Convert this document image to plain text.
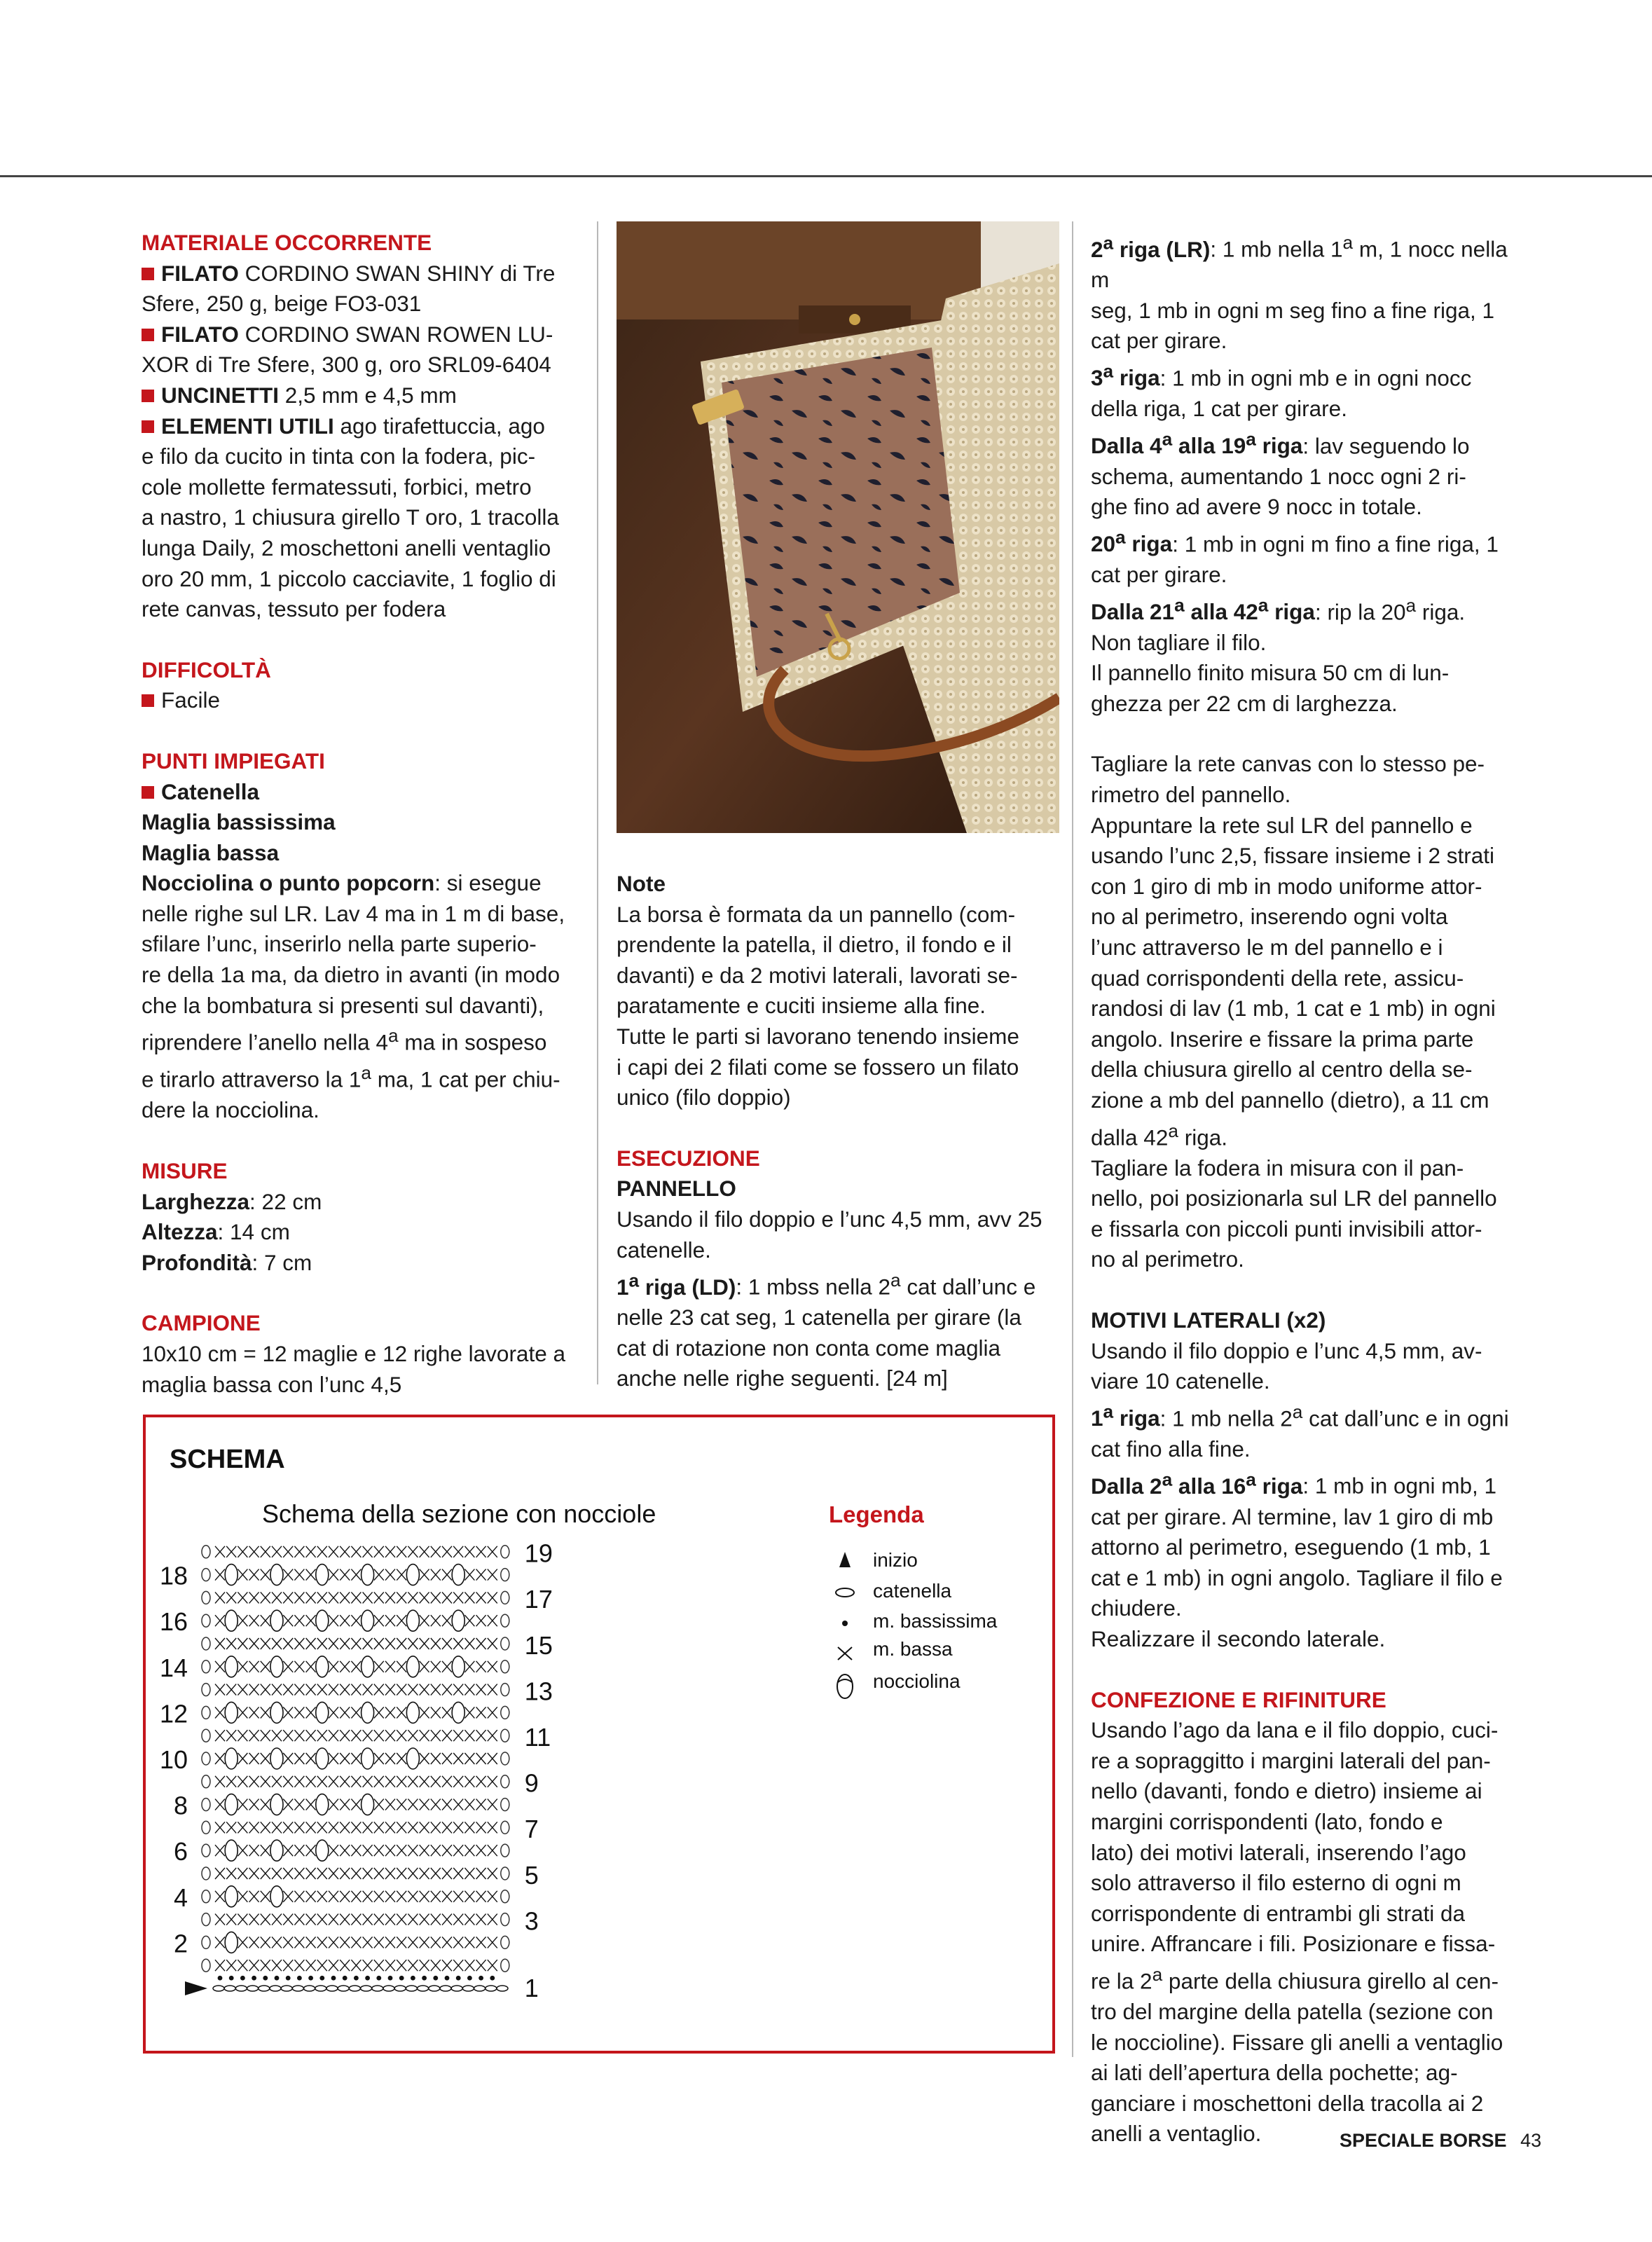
MATERIALE OCCORRENTE

FILATO CORDINO SWAN SHINY di Tre

Sfere, 250 g, beige FO3-031

FILATO CORDINO SWAN ROWEN LU-

XOR di Tre Sfere, 300 g, oro SRL09-6404

UNCINETTI 2,5 mm e 4,5 mm

ELEMENTI UTILI ago tirafettuccia, ago

e filo da cucito in tinta con la fodera, pic-

cole mollette fermatessuti, forbici, metro

a nastro, 1 chiusura girello T oro, 1 tracolla

lunga Daily, 2 moschettoni anelli ventaglio

oro 20 mm, 1 piccolo cacciavite, 1 foglio di

rete canvas, tessuto per fodera

DIFFICOLTÀ

Facile

PUNTI IMPIEGATI

Catenella

Maglia bassissima

Maglia bassa

Nocciolina o punto popcorn: si esegue

nelle righe sul LR. Lav 4 ma in 1 m di base,

sfilare l’unc, inserirlo nella parte superio-

re della 1a ma, da dietro in avanti (in modo

che la bombatura si presenti sul davanti),

riprendere l’anello nella 4$^a$ ma in sospeso

e tirarlo attraverso la 1$^a$ ma, 1 cat per chiu-

dere la nocciolina.

MISURE

Larghezza: 22 cm

Altezza: 14 cm

Profondità: 7 cm

CAMPIONE

10x10 cm = 12 maglie e 12 righe lavorate a

maglia bassa con l’unc 4,5

Note

La borsa è formata da un pannello (com-

prendente la patella, il dietro, il fondo e il

davanti) e da 2 motivi laterali, lavorati se-

paratamente e cuciti insieme alla fine.

Tutte le parti si lavorano tenendo insieme

i capi dei 2 filati come se fossero un filato

unico (filo doppio)

ESECUZIONE

PANNELLO

Usando il filo doppio e l’unc 4,5 mm, avv 25

catenelle.

1$^a$ riga (LD): 1 mbss nella 2$^a$ cat dall’unc e

nelle 23 cat seg, 1 catenella per girare (la

cat di rotazione non conta come maglia

anche nelle righe seguenti. [24 m]

2$^a$ riga (LR): 1 mb nella 1$^a$ m, 1 nocc nella m

seg, 1 mb in ogni m seg fino a fine riga, 1

cat per girare.

3$^a$ riga: 1 mb in ogni mb e in ogni nocc

della riga, 1 cat per girare.

Dalla 4$^a$ alla 19$^a$ riga: lav seguendo lo

schema, aumentando 1 nocc ogni 2 ri-

ghe fino ad avere 9 nocc in totale.

20$^a$ riga: 1 mb in ogni m fino a fine riga, 1

cat per girare.

Dalla 21$^a$ alla 42$^a$ riga: rip la 20$^a$ riga.

Non tagliare il filo.

Il pannello finito misura 50 cm di lun-

ghezza per 22 cm di larghezza.

Tagliare la rete canvas con lo stesso pe-

rimetro del pannello.

Appuntare la rete sul LR del pannello e

usando l’unc 2,5, fissare insieme i 2 strati

con 1 giro di mb in modo uniforme attor-

no al perimetro, inserendo ogni volta

l’unc attraverso le m del pannello e i

quad corrispondenti della rete, assicu-

randosi di lav (1 mb, 1 cat e 1 mb) in ogni

angolo. Inserire e fissare la prima parte

della chiusura girello al centro della se-

zione a mb del pannello (dietro), a 11 cm

dalla 42$^a$ riga.

Tagliare la fodera in misura con il pan-

nello, poi posizionarla sul LR del pannello

e fissarla con piccoli punti invisibili attor-

no al perimetro.

MOTIVI LATERALI (x2)

Usando il filo doppio e l’unc 4,5 mm, av-

viare 10 catenelle.

1$^a$ riga: 1 mb nella 2$^a$ cat dall’unc e in ogni

cat fino alla fine.

Dalla 2$^a$ alla 16$^a$ riga: 1 mb in ogni mb, 1

cat per girare. Al termine, lav 1 giro di mb

attorno al perimetro, eseguendo (1 mb, 1

cat e 1 mb) in ogni angolo. Tagliare il filo e

chiudere.

Realizzare il secondo laterale.

CONFEZIONE E RIFINITURE

Usando l’ago da lana e il filo doppio, cuci-

re a sopraggitto i margini laterali del pan-

nello (davanti, fondo e dietro) insieme ai

margini corrispondenti (lato, fondo e

lato) dei motivi laterali, inserendo l’ago

solo attraverso il filo esterno di ogni m

corrispondente di entrambi gli strati da

unire. Affrancare i fili. Posizionare e fissa-

re la 2$^a$ parte della chiusura girello al cen-

tro del margine della patella (sezione con

le noccioline). Fissare gli anelli a ventaglio

ai lati dell’apertura della pochette; ag-

ganciare i moschettoni della tracolla ai 2

anelli a ventaglio.

SCHEMA
Schema della sezione con nocciole
18
16
14
12
10
8
6
4
2
19
17
15
13
11
9
7
5
3
1
Legenda
inizio
catenella
m. bassissima
m. bassa
nocciolina
SPECIALE BORSE 43
